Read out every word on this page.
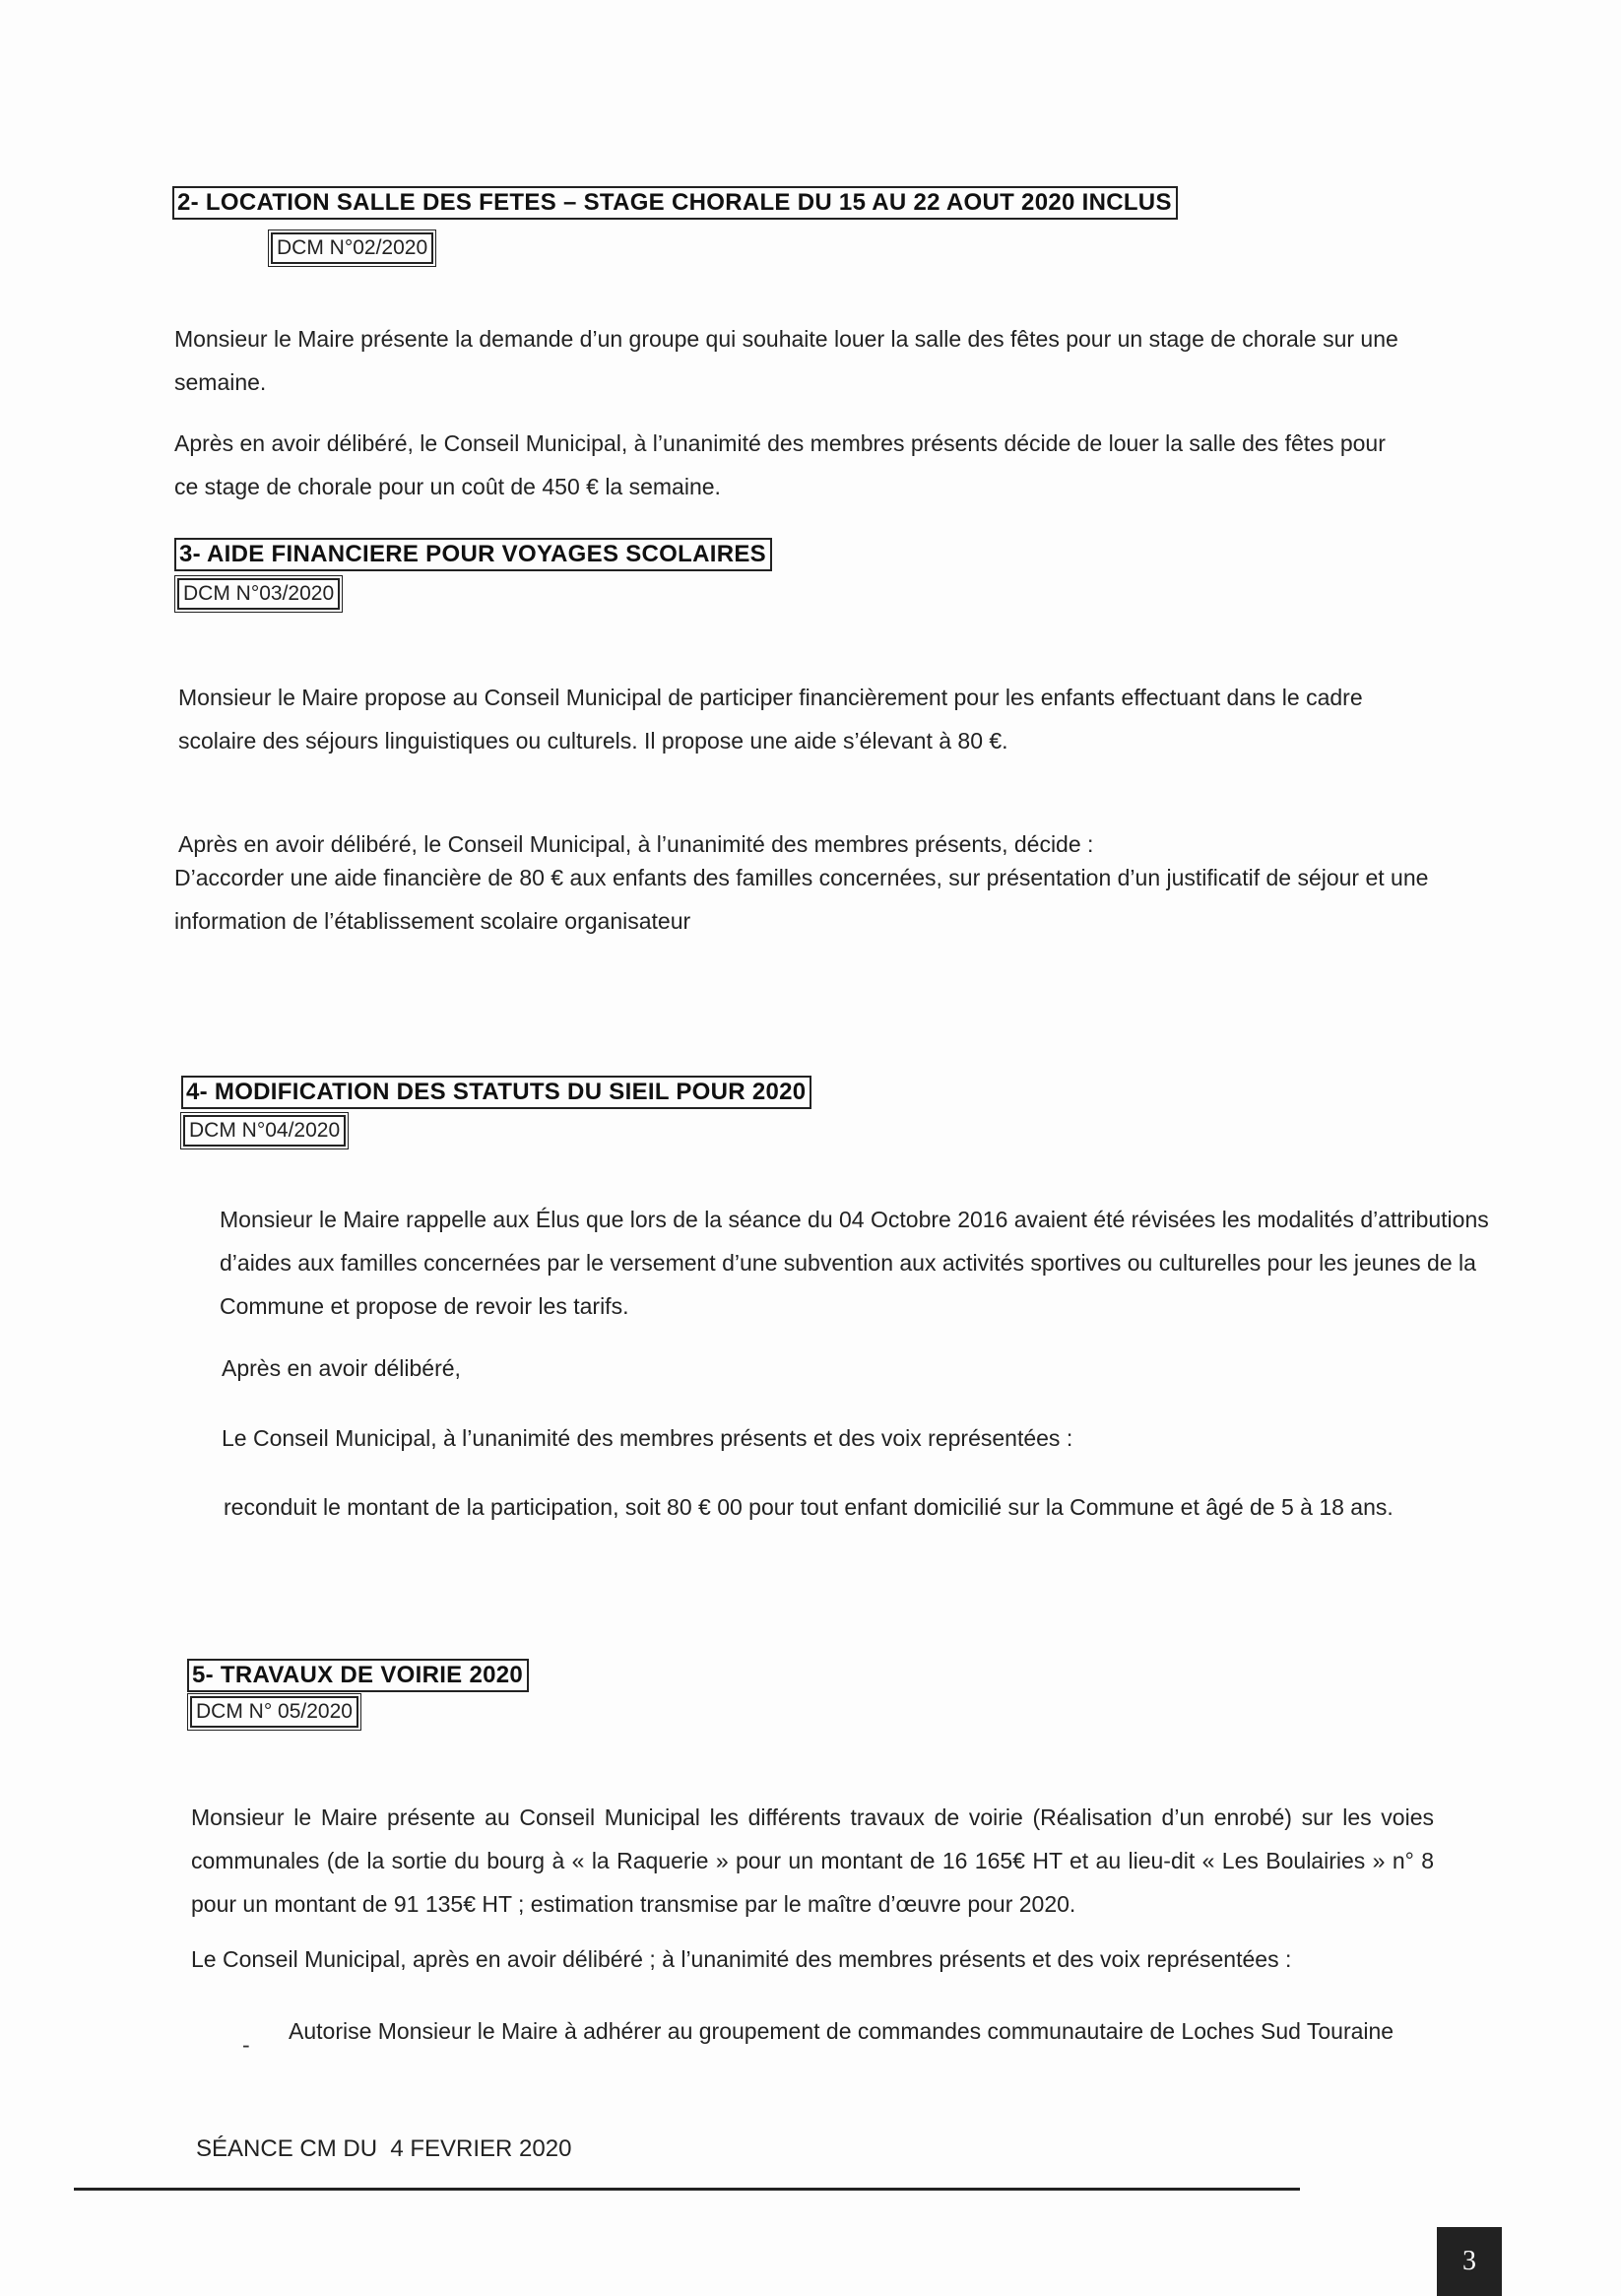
2- LOCATION SALLE DES FETES – STAGE CHORALE DU 15 AU 22 AOUT 2020 INCLUS
DCM N°02/2020

Monsieur le Maire présente la demande d’un groupe qui souhaite louer la salle des fêtes pour un stage de chorale sur une semaine.

Après en avoir délibéré, le Conseil Municipal, à l’unanimité des membres présents décide de louer la salle des fêtes pour ce stage de chorale pour un coût de 450 € la semaine.

3- AIDE FINANCIERE POUR VOYAGES SCOLAIRES
DCM N°03/2020

Monsieur le Maire propose au Conseil Municipal de participer financièrement pour les enfants effectuant dans le cadre scolaire des séjours linguistiques ou culturels. Il propose une aide s’élevant à 80 €.

Après en avoir délibéré, le Conseil Municipal, à l’unanimité des membres présents, décide :

D’accorder une aide financière de 80 € aux enfants des familles concernées, sur présentation d’un justificatif de séjour et une information de l’établissement scolaire organisateur

4- MODIFICATION DES STATUTS DU SIEIL POUR 2020
DCM N°04/2020

Monsieur le Maire rappelle aux Élus que lors de la séance du 04 Octobre 2016 avaient été révisées les modalités d’attributions d’aides aux familles concernées par le versement d’une subvention aux activités sportives ou culturelles pour les jeunes de la Commune et propose de revoir les tarifs.

Après en avoir délibéré,

Le Conseil Municipal, à l’unanimité des membres présents et des voix représentées :

reconduit le montant de la participation, soit 80 € 00 pour tout enfant domicilié sur la Commune et âgé de 5 à 18 ans.

5- TRAVAUX DE VOIRIE 2020
DCM N° 05/2020

Monsieur le Maire présente au Conseil Municipal les différents travaux de voirie (Réalisation d’un enrobé) sur les voies communales (de la sortie du bourg à « la Raquerie » pour un montant de 16 165€ HT et au lieu-dit « Les Boulairies » n° 8 pour un montant de 91 135€ HT ; estimation transmise par le maître d’œuvre pour 2020.

Le Conseil Municipal, après en avoir délibéré ; à l’unanimité des membres présents et des voix représentées :

-

Autorise Monsieur le Maire à adhérer au groupement de commandes communautaire de Loches Sud Touraine

SÉANCE CM DU  4 FEVRIER 2020
3
